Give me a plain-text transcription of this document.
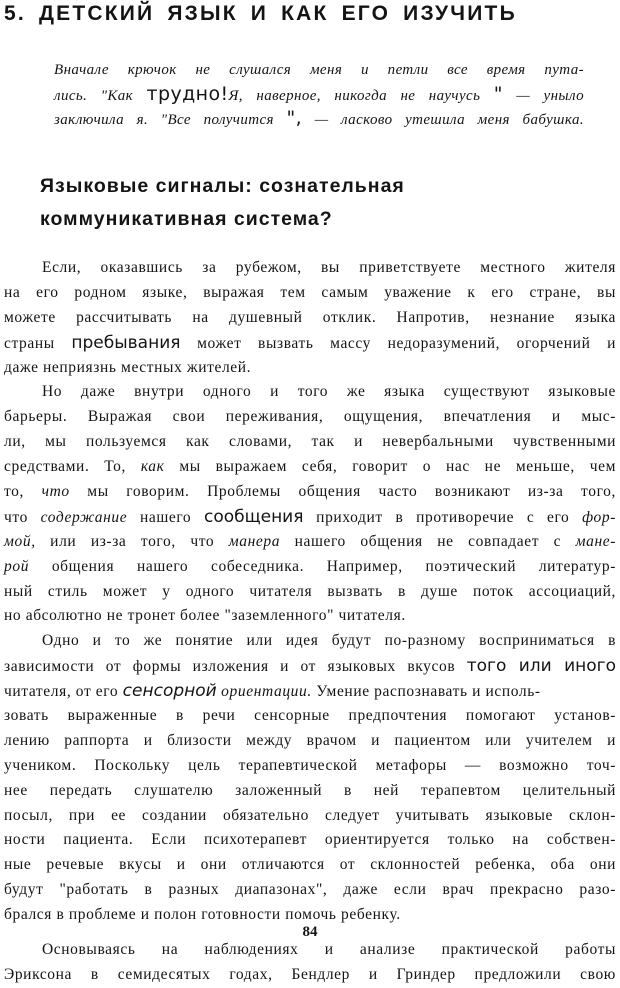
5. ДЕТСКИЙ ЯЗЫК И КАК ЕГО ИЗУЧИТЬ
Вначале крючок не слушался меня и петли все время пута-
лись. "Как трудно!Я, наверное, никогда не научусь " — уныло
заключила я. "Все получится ", — ласково утешила меня бабушка.
Языковые сигналы: сознательная
коммуникативная система?
Если, оказавшись за рубежом, вы приветствуете местного жителя
на его родном языке, выражая тем самым уважение к его стране, вы
можете рассчитывать на душевный отклик. Напротив, незнание языка
страны пребывания может вызвать массу недоразумений, огорчений и
даже неприязнь местных жителей.
Но даже внутри одного и того же языка существуют языковые
барьеры. Выражая свои переживания, ощущения, впечатления и мыс-
ли, мы пользуемся как словами, так и невербальными чувственными
средствами. То, как мы выражаем себя, говорит о нас не меньше, чем
то, что мы говорим. Проблемы общения часто возникают из-за того,
что содержание нашего сообщения приходит в противоречие с его фор-
мой, или из-за того, что манера нашего общения не совпадает с мане-
рой общения нашего собеседника. Например, поэтический литератур-
ный стиль может у одного читателя вызвать в душе поток ассоциаций,
но абсолютно не тронет более "заземленного" читателя.
Одно и то же понятие или идея будут по-разному восприниматься в
зависимости от формы изложения и от языковых вкусов того или иного
читателя, от его сенсорной ориентации. Умение распознавать и исполь-
зовать выраженные в речи сенсорные предпочтения помогают установ-
лению раппорта и близости между врачом и пациентом или учителем и
учеником. Поскольку цель терапевтической метафоры — возможно точ-
нее передать слушателю заложенный в ней терапевтом целительный
посыл, при ее создании обязательно следует учитывать языковые склон-
ности пациента. Если психотерапевт ориентируется только на собствен-
ные речевые вкусы и они отличаются от склонностей ребенка, оба они
будут "работать в разных диапазонах", даже если врач прекрасно разо-
брался в проблеме и полон готовности помочь ребенку.
Основываясь на наблюдениях и анализе практической работы
Эриксона в семидесятых годах, Бендлер и Гриндер предложили свою
84
